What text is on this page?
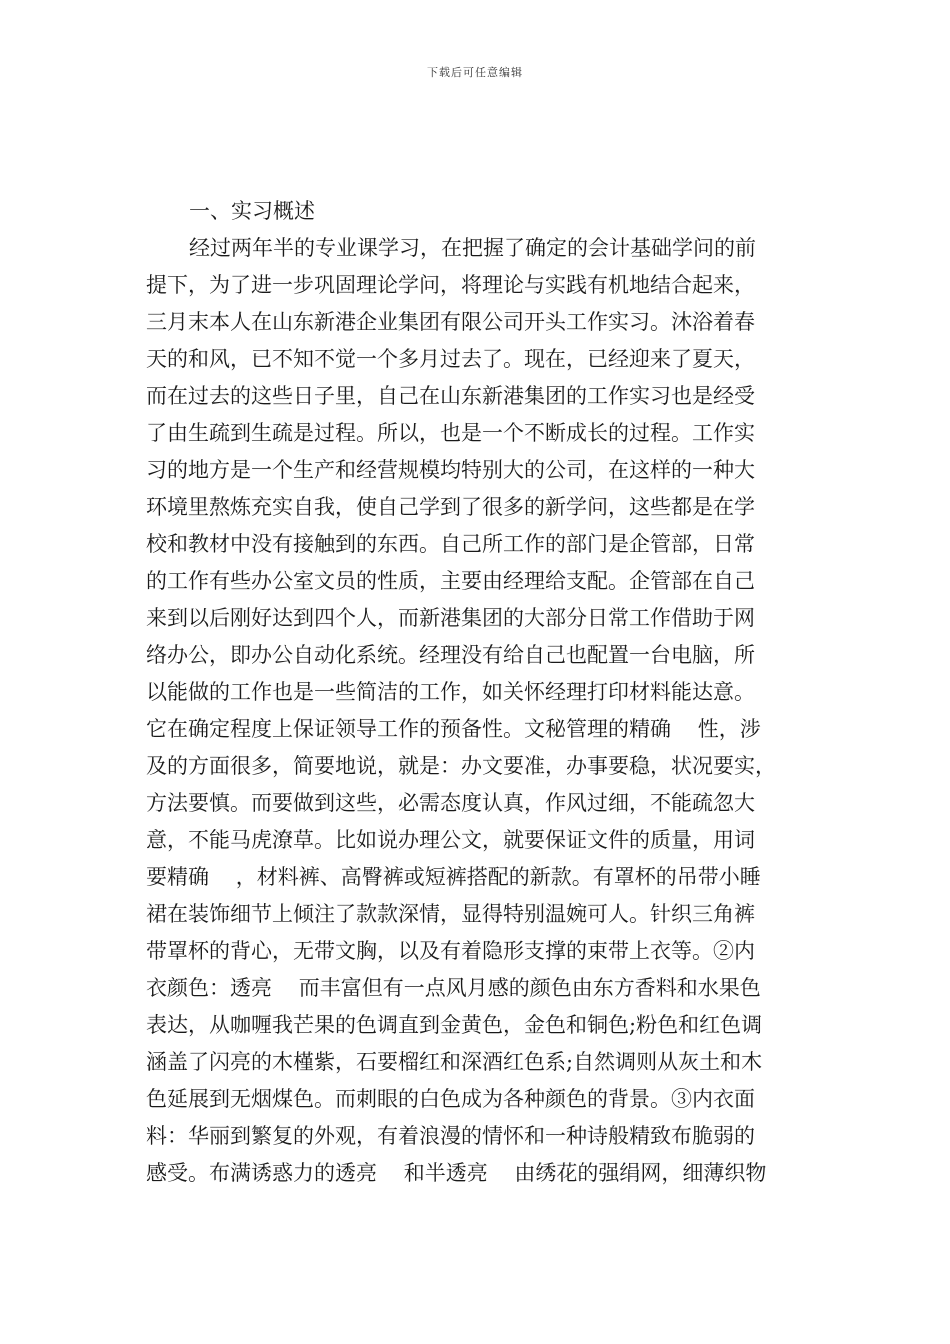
下载后可任意编辑
一、实习概述
经过两年半的专业课学习，在把握了确定的会计基础学问的前
提下，为了进一步巩固理论学问，将理论与实践有机地结合起来，
三月末本人在山东新港企业集团有限公司开头工作实习。沐浴着春
天的和风，已不知不觉一个多月过去了。现在，已经迎来了夏天，
而在过去的这些日子里，自己在山东新港集团的工作实习也是经受
了由生疏到生疏是过程。所以，也是一个不断成长的过程。工作实
习的地方是一个生产和经营规模均特别大的公司，在这样的一种大
环境里熬炼充实自我，使自己学到了很多的新学问，这些都是在学
校和教材中没有接触到的东西。自己所工作的部门是企管部，日常
的工作有些办公室文员的性质，主要由经理给支配。企管部在自己
来到以后刚好达到四个人，而新港集团的大部分日常工作借助于网
络办公，即办公自动化系统。经理没有给自己也配置一台电脑，所
以能做的工作也是一些简洁的工作，如关怀经理打印材料能达意。
它在确定程度上保证领导工作的预备性。文秘管理的精确    性，涉
及的方面很多，简要地说，就是：办文要准，办事要稳，状况要实，
方法要慎。而要做到这些，必需态度认真，作风过细，不能疏忽大
意，不能马虎潦草。比如说办理公文，就要保证文件的质量，用词
要精确    ，材料裤、高臀裤或短裤搭配的新款。有罩杯的吊带小睡
裙在装饰细节上倾注了款款深情，显得特别温婉可人。针织三角裤
带罩杯的背心，无带文胸，以及有着隐形支撑的束带上衣等。②内
衣颜色：透亮    而丰富但有一点风月感的颜色由东方香料和水果色
表达，从咖喱我芒果的色调直到金黄色，金色和铜色;粉色和红色调
涵盖了闪亮的木槿紫，石要榴红和深酒红色系;自然调则从灰土和木
色延展到无烟煤色。而刺眼的白色成为各种颜色的背景。③内衣面
料：华丽到繁复的外观，有着浪漫的情怀和一种诗般精致布脆弱的
感受。布满诱惑力的透亮    和半透亮    由绣花的强绢网，细薄织物
